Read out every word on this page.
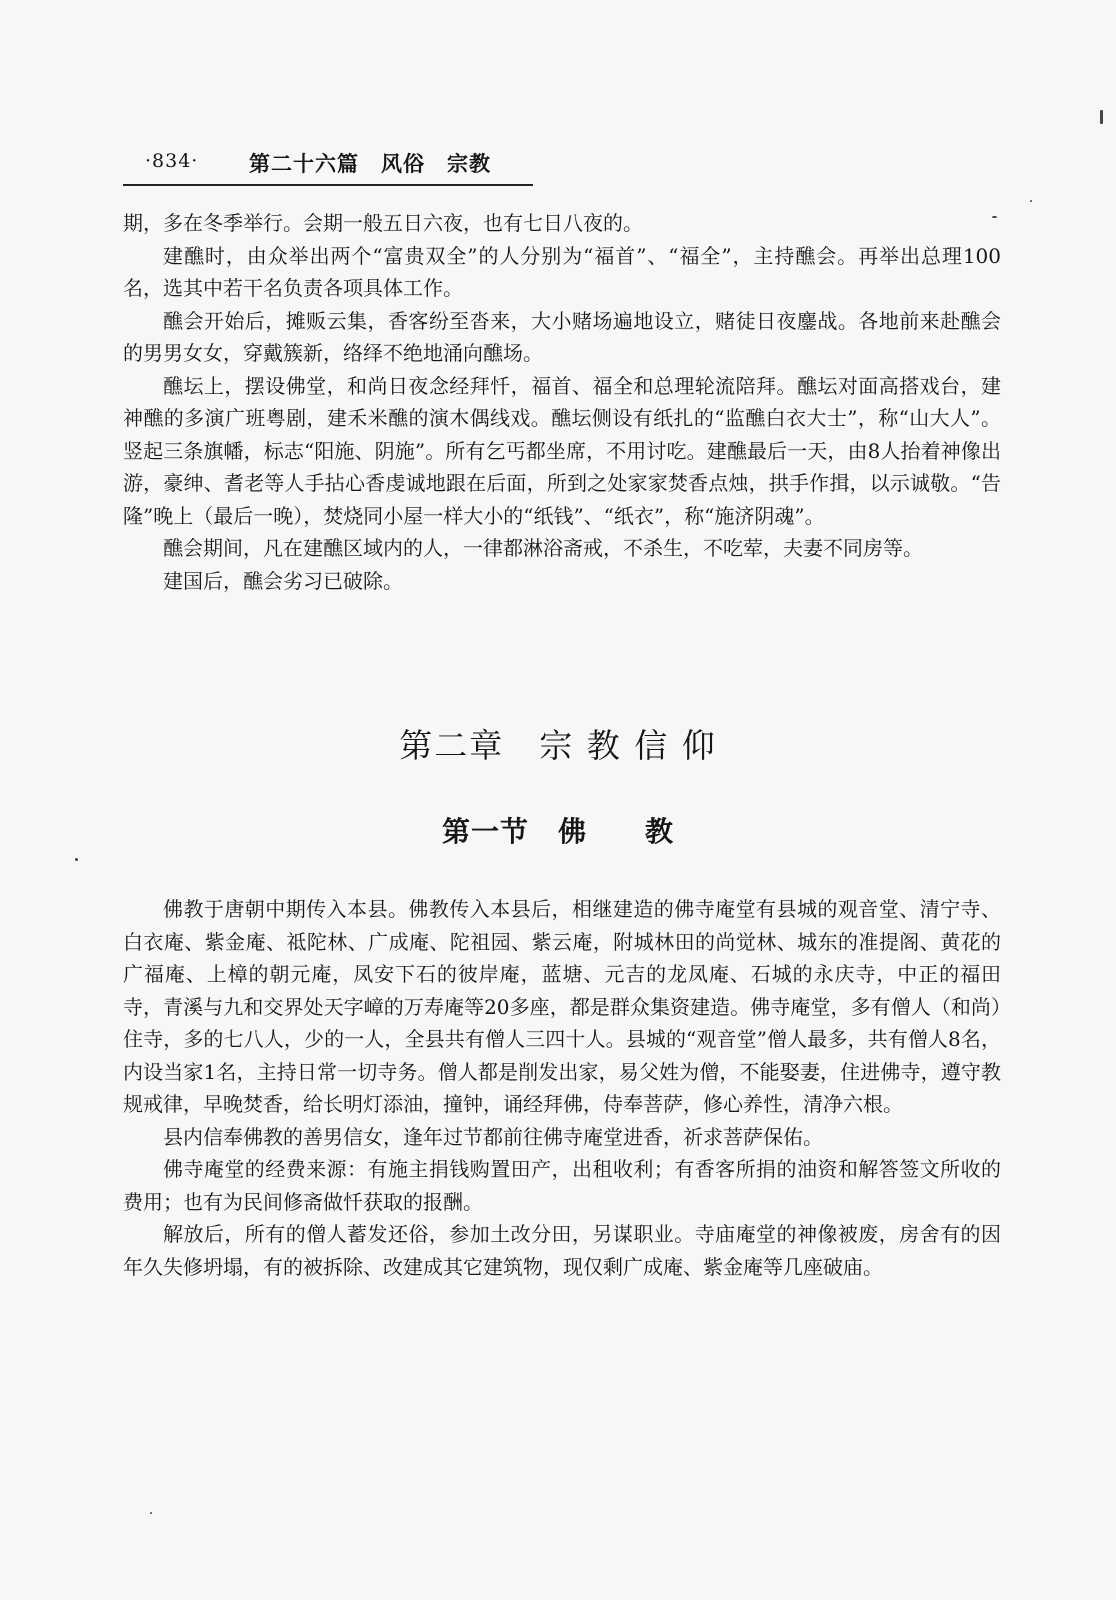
·834· 第二十六篇　风俗　宗教

期，多在冬季举行。会期一般五日六夜，也有七日八夜的。

建醮时，由众举出两个“富贵双全”的人分别为“福首”、“福全”，主持醮会。再举出总理100名，选其中若干名负责各项具体工作。

醮会开始后，摊贩云集，香客纷至沓来，大小赌场遍地设立，赌徒日夜鏖战。各地前来赴醮会的男男女女，穿戴簇新，络绎不绝地涌向醮场。

醮坛上，摆设佛堂，和尚日夜念经拜忏，福首、福全和总理轮流陪拜。醮坛对面高搭戏台，建神醮的多演广班粤剧，建禾米醮的演木偶线戏。醮坛侧设有纸扎的“监醮白衣大士”，称“山大人”。竖起三条旗幡，标志“阳施、阴施”。所有乞丐都坐席，不用讨吃。建醮最后一天，由8人抬着神像出游，豪绅、耆老等人手拈心香虔诚地跟在后面，所到之处家家焚香点烛，拱手作揖，以示诚敬。“告隆”晚上（最后一晚），焚烧同小屋一样大小的“纸钱”、“纸衣”，称“施济阴魂”。

醮会期间，凡在建醮区域内的人，一律都淋浴斋戒，不杀生，不吃荤，夫妻不同房等。

建国后，醮会劣习已破除。

第二章　宗 教 信 仰
第一节　佛　　教

佛教于唐朝中期传入本县。佛教传入本县后，相继建造的佛寺庵堂有县城的观音堂、清宁寺、白衣庵、紫金庵、祗陀林、广成庵、陀祖园、紫云庵，附城林田的尚觉林、城东的准提阁、黄花的广福庵、上樟的朝元庵，凤安下石的彼岸庵，蓝塘、元吉的龙凤庵、石城的永庆寺，中正的福田寺，青溪与九和交界处天字嶂的万寿庵等20多座，都是群众集资建造。佛寺庵堂，多有僧人（和尚）住寺，多的七八人，少的一人，全县共有僧人三四十人。县城的“观音堂”僧人最多，共有僧人8名，内设当家1名，主持日常一切寺务。僧人都是削发出家，易父姓为僧，不能娶妻，住进佛寺，遵守教规戒律，早晚焚香，给长明灯添油，撞钟，诵经拜佛，侍奉菩萨，修心养性，清净六根。

县内信奉佛教的善男信女，逢年过节都前往佛寺庵堂进香，祈求菩萨保佑。

佛寺庵堂的经费来源：有施主捐钱购置田产，出租收利；有香客所捐的油资和解答签文所收的费用；也有为民间修斋做忏获取的报酬。

解放后，所有的僧人蓄发还俗，参加土改分田，另谋职业。寺庙庵堂的神像被废，房舍有的因年久失修坍塌，有的被拆除、改建成其它建筑物，现仅剩广成庵、紫金庵等几座破庙。
